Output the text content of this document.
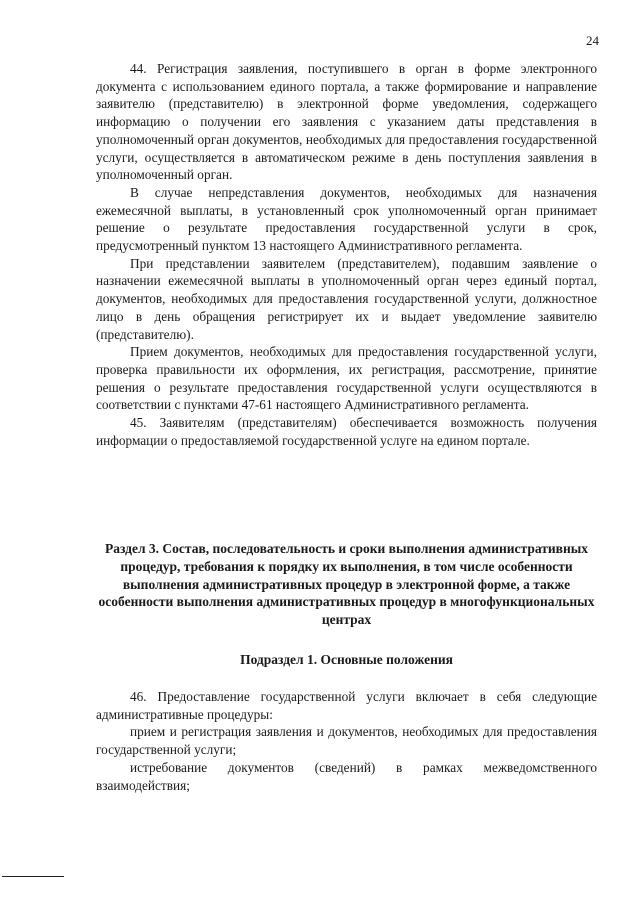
24

44. Регистрация заявления, поступившего в орган в форме электронного документа с использованием единого портала, а также формирование и направление заявителю (представителю) в электронной форме уведомления, содержащего информацию о получении его заявления с указанием даты представления в уполномоченный орган документов, необходимых для предоставления государственной услуги, осуществляется в автоматическом режиме в день поступления заявления в уполномоченный орган.

В случае непредставления документов, необходимых для назначения ежемесячной выплаты, в установленный срок уполномоченный орган принимает решение о результате предоставления государственной услуги в срок, предусмотренный пунктом 13 настоящего Административного регламента.

При представлении заявителем (представителем), подавшим заявление о назначении ежемесячной выплаты в уполномоченный орган через единый портал, документов, необходимых для предоставления государственной услуги, должностное лицо в день обращения регистрирует их и выдает уведомление заявителю (представителю).

Прием документов, необходимых для предоставления государственной услуги, проверка правильности их оформления, их регистрация, рассмотрение, принятие решения о результате предоставления государственной услуги осуществляются в соответствии с пунктами 47-61 настоящего Административного регламента.

45. Заявителям (представителям) обеспечивается возможность получения информации о предоставляемой государственной услуге на едином портале.

Раздел 3. Состав, последовательность и сроки выполнения административных процедур, требования к порядку их выполнения, в том числе особенности выполнения административных процедур в электронной форме, а также особенности выполнения административных процедур в многофункциональных центрах
Подраздел 1. Основные положения

46. Предоставление государственной услуги включает в себя следующие административные процедуры:

прием и регистрация заявления и документов, необходимых для предоставления государственной услуги;

истребование документов (сведений) в рамках межведомственного взаимодействия;
